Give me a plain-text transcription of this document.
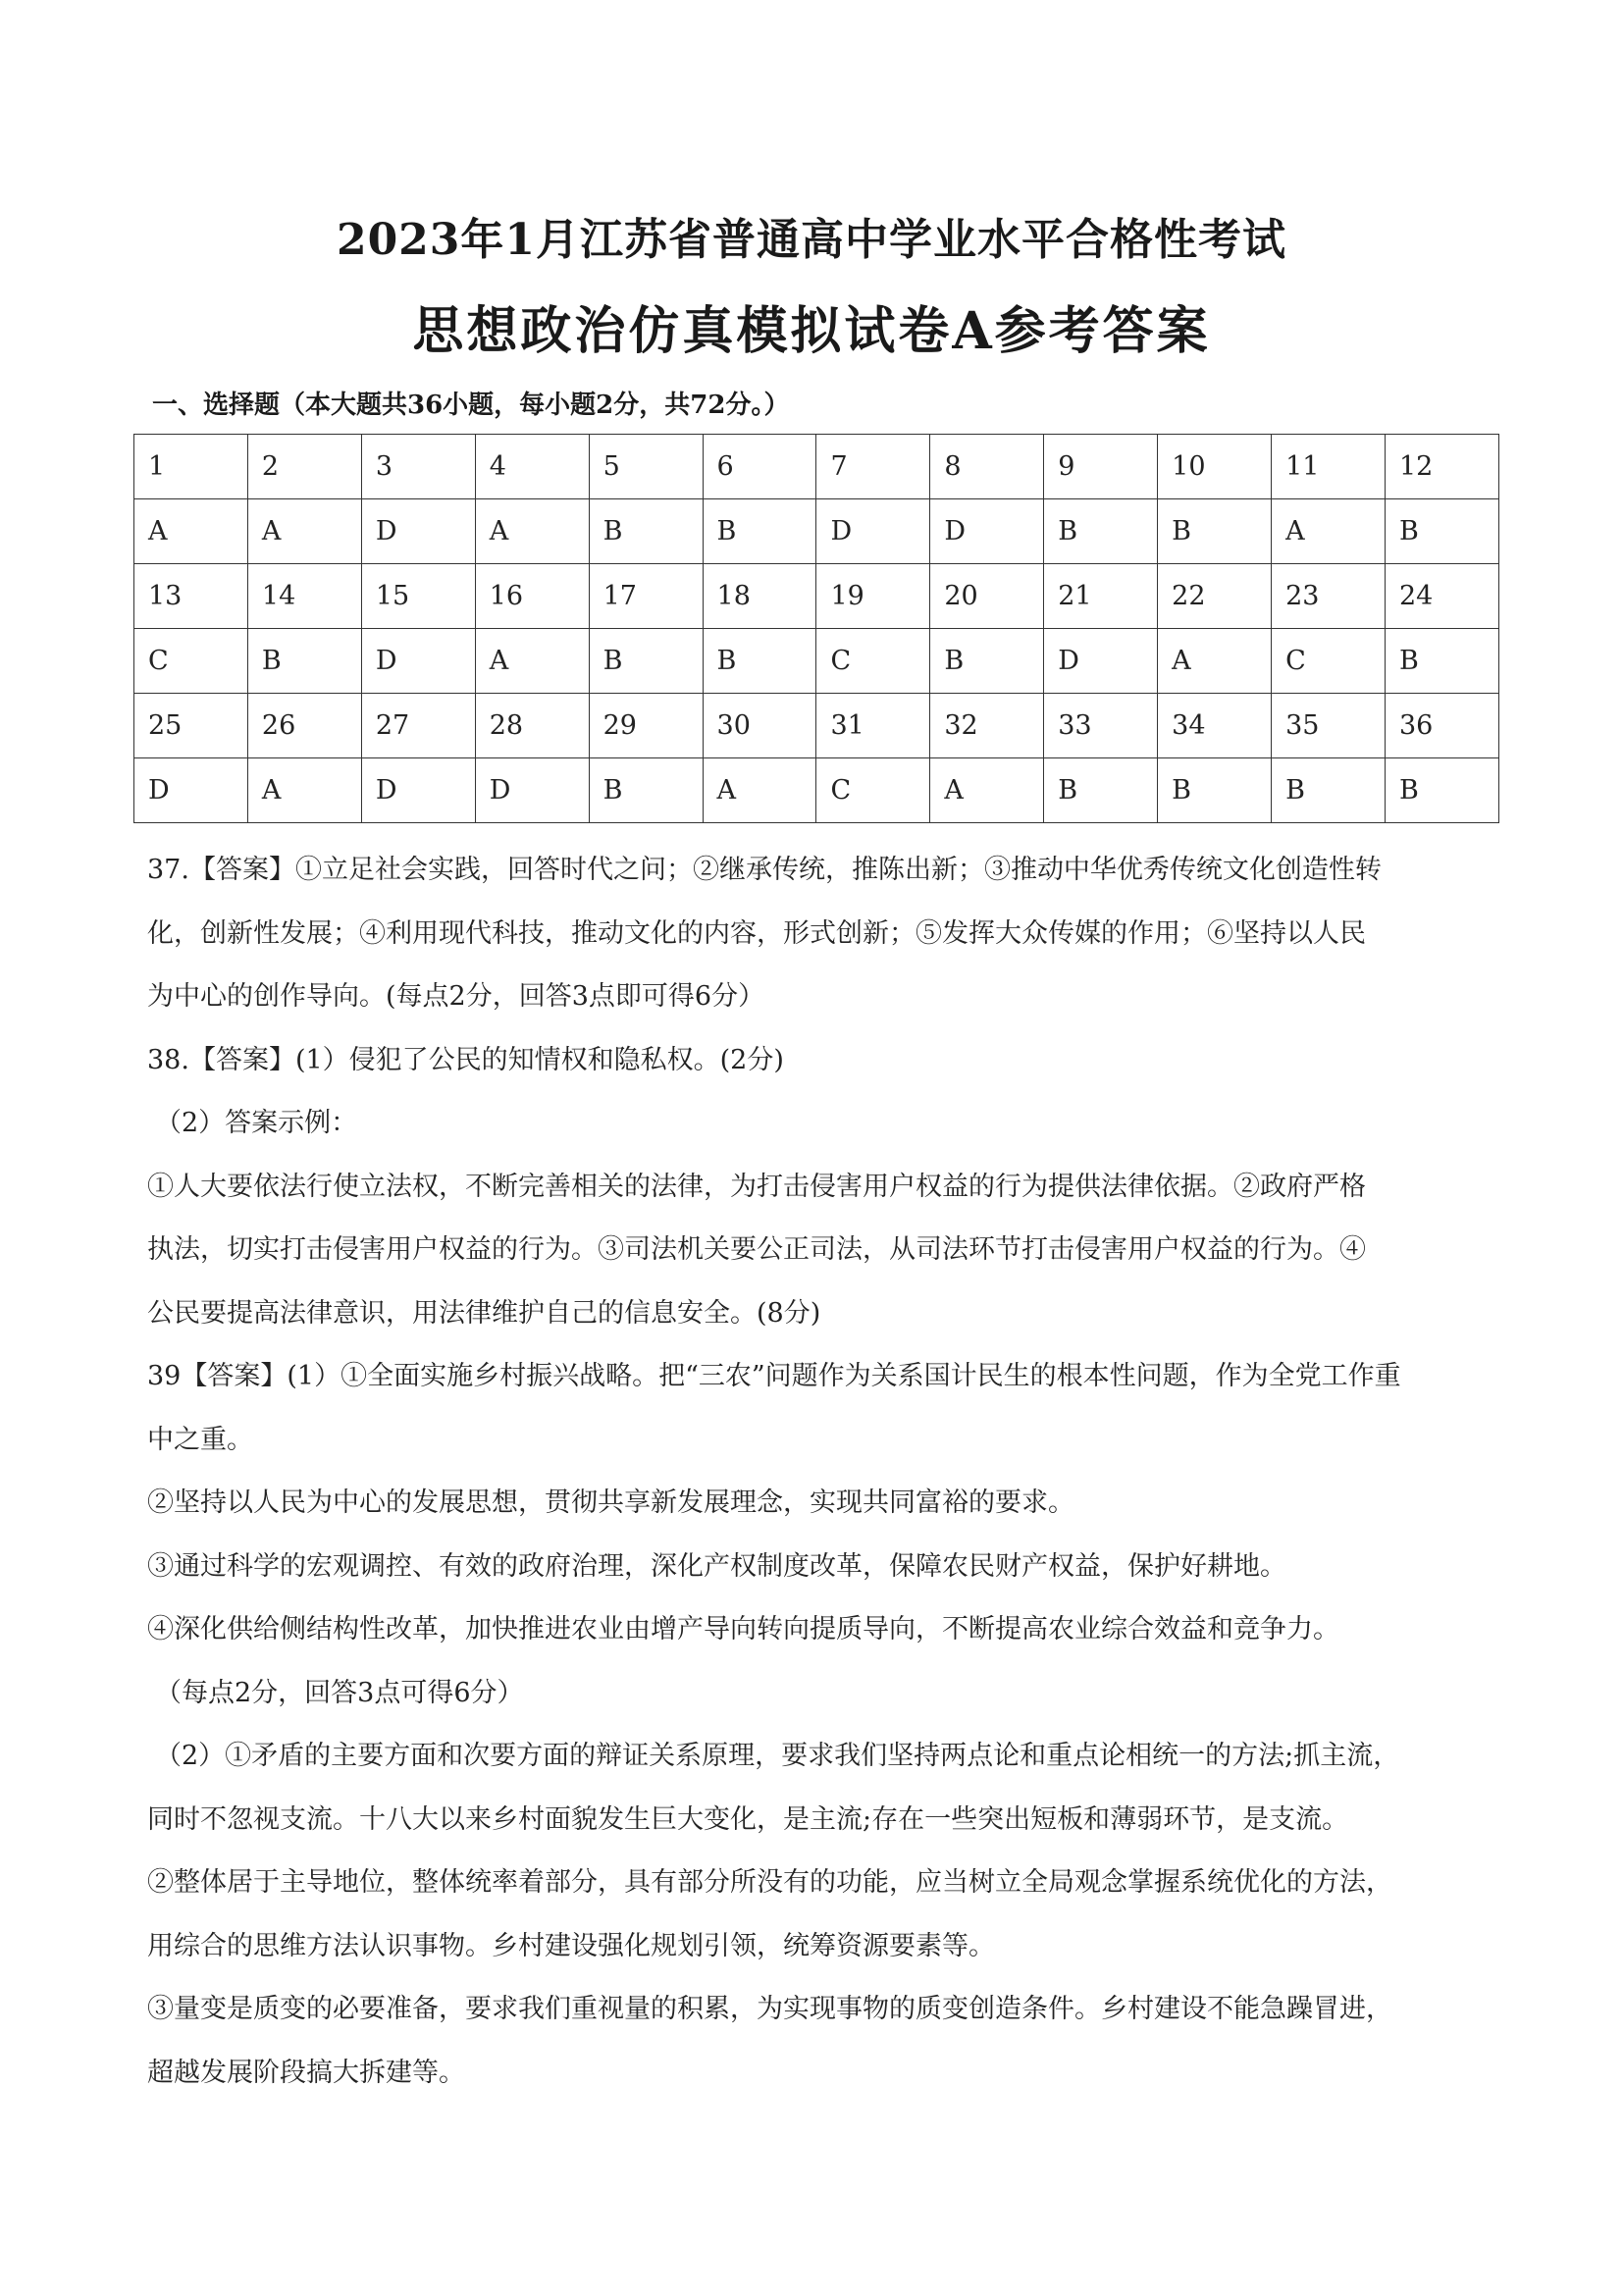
2023年1月江苏省普通高中学业水平合格性考试
思想政治仿真模拟试卷A参考答案
一、选择题（本大题共36小题，每小题2分，共72分。）
1	2	3	4	5	6	7	8	9	10	11	12
A	A	D	A	B	B	D	D	B	B	A	B
13	14	15	16	17	18	19	20	21	22	23	24
C	B	D	A	B	B	C	B	D	A	C	B
25	26	27	28	29	30	31	32	33	34	35	36
D	A	D	D	B	A	C	A	B	B	B	B

37.【答案】①立足社会实践，回答时代之问；②继承传统，推陈出新；③推动中华优秀传统文化创造性转

化，创新性发展；④利用现代科技，推动文化的内容，形式创新；⑤发挥大众传媒的作用；⑥坚持以人民

为中心的创作导向。(每点2分，回答3点即可得6分）

38.【答案】(1）侵犯了公民的知情权和隐私权。(2分)

（2）答案示例：

①人大要依法行使立法权，不断完善相关的法律，为打击侵害用户权益的行为提供法律依据。②政府严格

执法，切实打击侵害用户权益的行为。③司法机关要公正司法，从司法环节打击侵害用户权益的行为。④

公民要提高法律意识，用法律维护自己的信息安全。(8分)

39【答案】(1）①全面实施乡村振兴战略。把“三农”问题作为关系国计民生的根本性问题，作为全党工作重

中之重。

②坚持以人民为中心的发展思想，贯彻共享新发展理念，实现共同富裕的要求。

③通过科学的宏观调控、有效的政府治理，深化产权制度改革，保障农民财产权益，保护好耕地。

④深化供给侧结构性改革，加快推进农业由增产导向转向提质导向，不断提高农业综合效益和竞争力。

（每点2分，回答3点可得6分）

（2）①矛盾的主要方面和次要方面的辩证关系原理，要求我们坚持两点论和重点论相统一的方法;抓主流，

同时不忽视支流。十八大以来乡村面貌发生巨大变化，是主流;存在一些突出短板和薄弱环节，是支流。

②整体居于主导地位，整体统率着部分，具有部分所没有的功能，应当树立全局观念掌握系统优化的方法，

用综合的思维方法认识事物。乡村建设强化规划引领，统筹资源要素等。

③量变是质变的必要准备，要求我们重视量的积累，为实现事物的质变创造条件。乡村建设不能急躁冒进，

超越发展阶段搞大拆建等。
